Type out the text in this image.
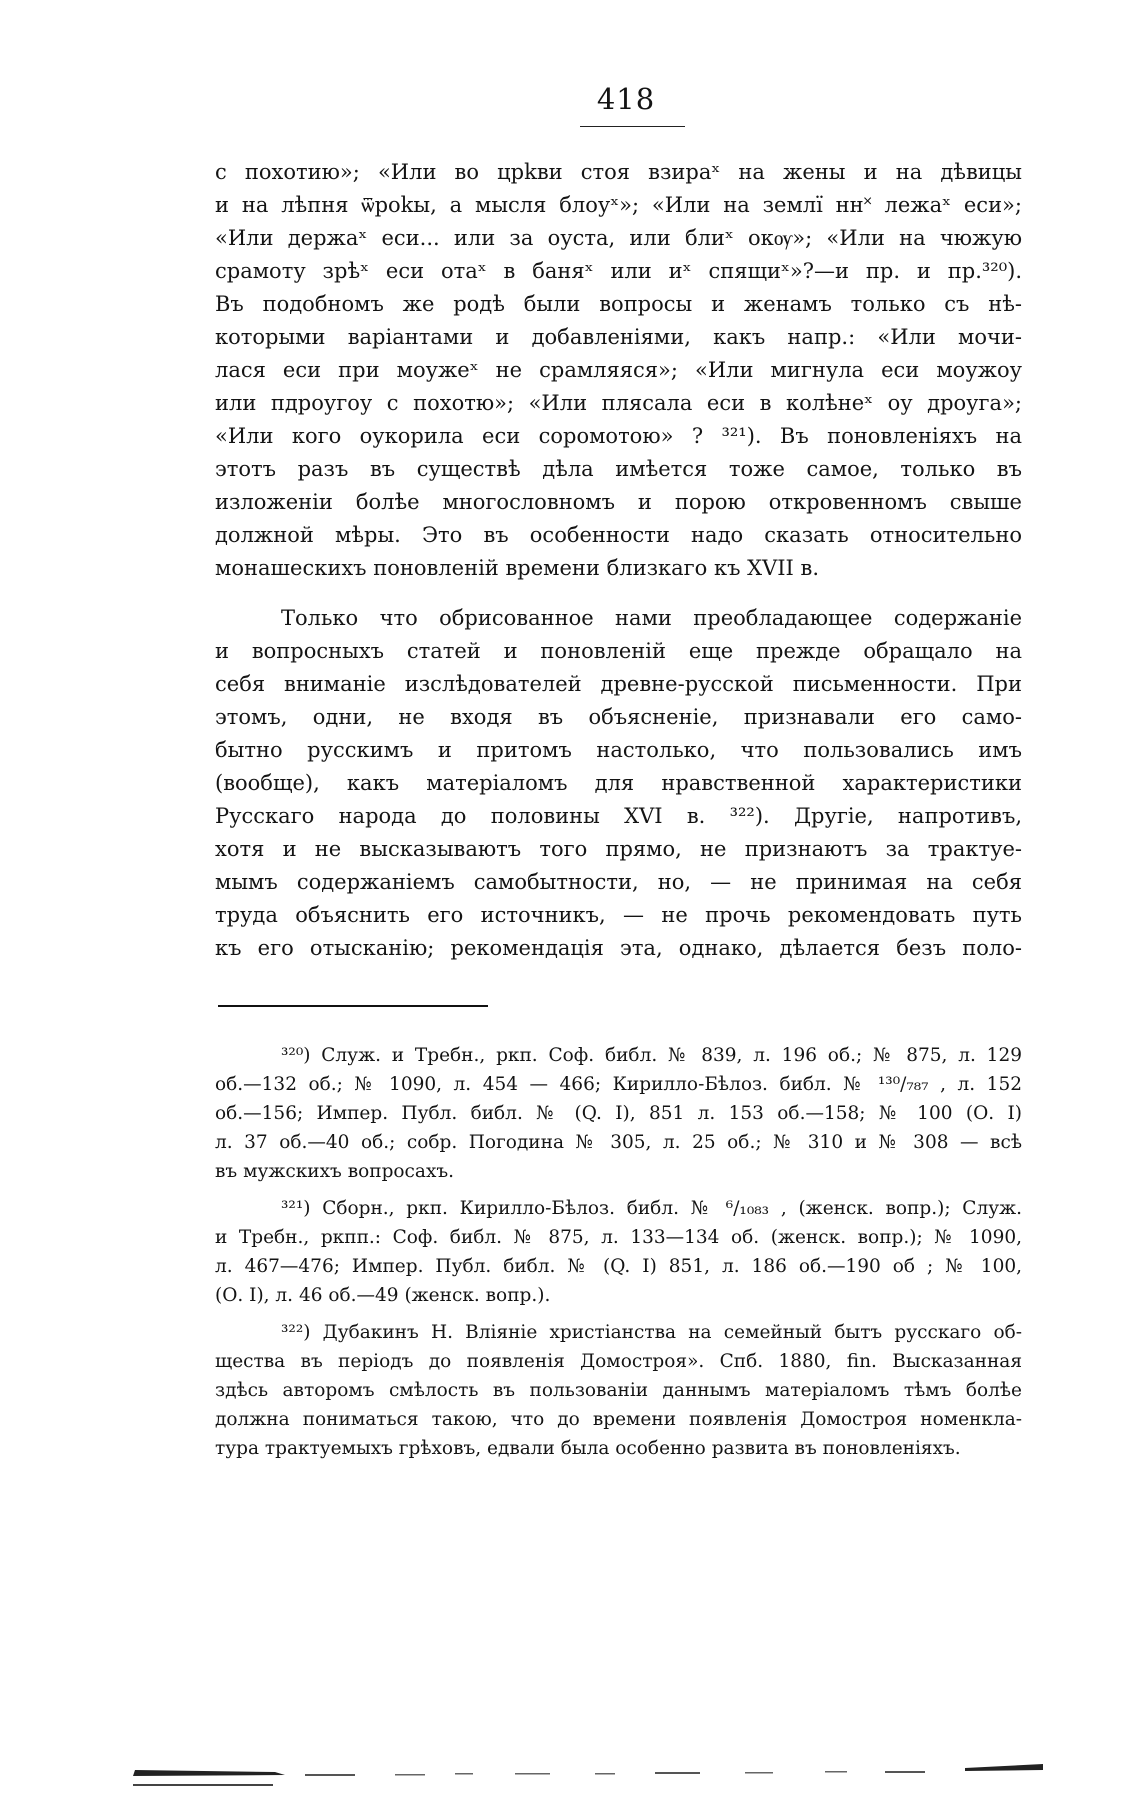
418
с похотию»; «Или во црkви стоя взираˣ на жены и на дѣвицы
и на лѣпня ѿроkы, а мысля блоуˣ»; «Или на землї нн˟ лежаˣ еси»;
«Или держаˣ еси... или за оуста, или блиˣ окѹ»; «Или на чюжую
срамоту зрѣˣ еси отаˣ в баняˣ или иˣ спящиˣ»?—и пр. и пр.³²⁰).
Въ подобномъ же родѣ были вопросы и женамъ только съ нѣ-
которыми варіантами и добавленіями, какъ напр.: «Или мочи-
лася еси при моужеˣ не срамляяся»; «Или мигнула еси моужоу
или пдроугоу с похотю»; «Или плясала еси в колѣнеˣ оу дроуга»;
«Или кого оукорила еси соромотою» ? ³²¹). Въ поновленіяхъ на
этотъ разъ въ существѣ дѣла имѣется тоже самое, только въ
изложеніи болѣе многословномъ и порою откровенномъ свыше
должной мѣры. Это въ особенности надо сказать относительно
монашескихъ поновленій времени близкаго къ XVII в.
Только что обрисованное нами преобладающее содержаніе
и вопросныхъ статей и поновленій еще прежде обращало на
себя вниманіе изслѣдователей древне-русской письменности. При
этомъ, одни, не входя въ объясненіе, признавали его само-
бытно русскимъ и притомъ настолько, что пользовались имъ
(вообще), какъ матеріаломъ для нравственной характеристики
Русскаго народа до половины XVI в. ³²²). Другіе, напротивъ,
хотя и не высказываютъ того прямо, не признаютъ за трактуе-
мымъ содержаніемъ самобытности, но, — не принимая на себя
труда объяснить его источникъ, — не прочь рекомендовать путь
къ его отысканію; рекомендація эта, однако, дѣлается безъ поло-
³²⁰) Служ. и Требн., ркп. Соф. библ. № 839, л. 196 об.; № 875, л. 129
об.—132 об.; № 1090, л. 454 — 466; Кирилло-Бѣлоз. библ. № ¹³⁰/₇₈₇ , л. 152
об.—156; Импер. Публ. библ. № (Q. I), 851 л. 153 об.—158; № 100 (О. I)
л. 37 об.—40 об.; собр. Погодина № 305, л. 25 об.; № 310 и № 308 — всѣ
въ мужскихъ вопросахъ.
³²¹) Сборн., ркп. Кирилло-Бѣлоз. библ. № ⁶/₁₀₈₃ , (женск. вопр.); Служ.
и Требн., ркпп.: Соф. библ. № 875, л. 133—134 об. (женск. вопр.); № 1090,
л. 467—476; Импер. Публ. библ. № (Q. I) 851, л. 186 об.—190 об ; № 100,
(О. I), л. 46 об.—49 (женск. вопр.).
³²²) Дубакинъ Н. Вліяніе христіанства на семейный бытъ русскаго об-
щества въ періодъ до появленія Домостроя». Спб. 1880, fin. Высказанная
здѣсь авторомъ смѣлость въ пользованіи даннымъ матеріаломъ тѣмъ болѣе
должна пониматься такою, что до времени появленія Домостроя номенкла-
тура трактуемыхъ грѣховъ, едвали была особенно развита въ поновленіяхъ.
